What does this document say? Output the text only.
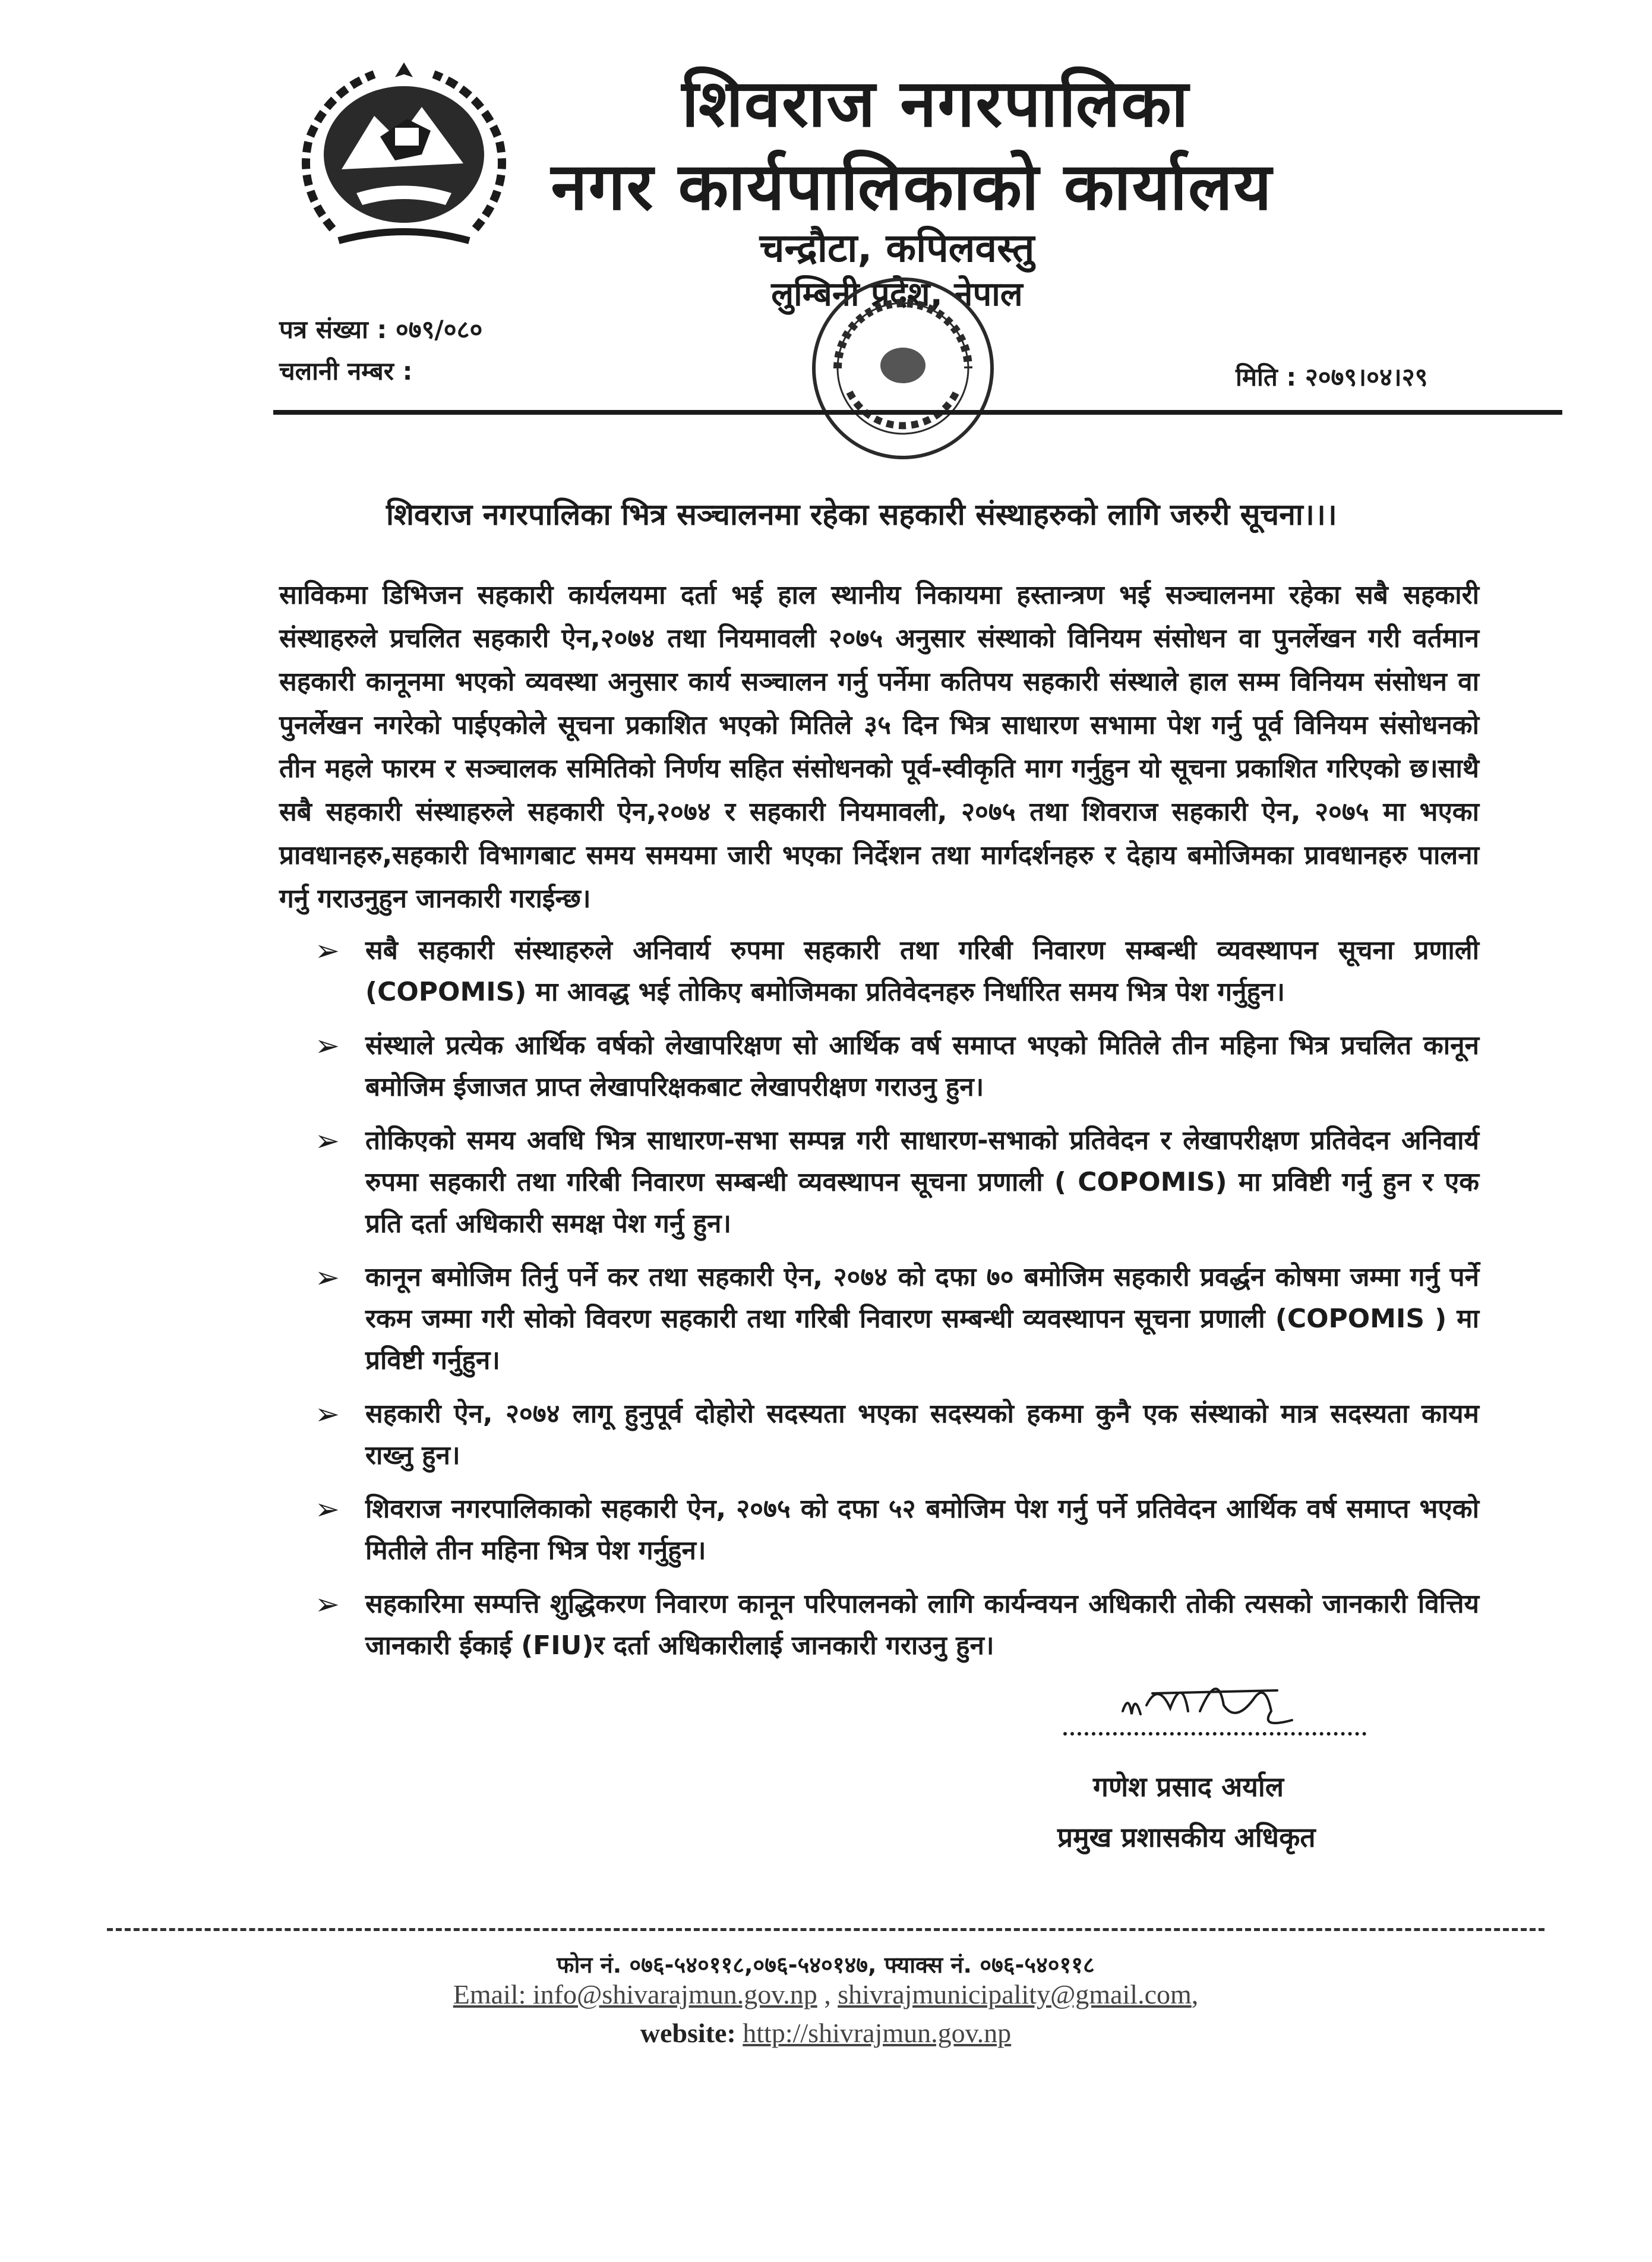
शिवराज नगरपालिका
नगर कार्यपालिकाको कार्यालय
चन्द्रौटा, कपिलवस्तु
लुम्बिनी प्रदेश, नेपाल
पत्र संख्या : ०७९/०८०
चलानी नम्बर :	मिति : २०७९।०४।२९
शिवराज नगरपालिका भित्र सञ्चालनमा रहेका सहकारी संस्थाहरुको लागि जरुरी सूचना।।।
साविकमा डिभिजन सहकारी कार्यलयमा दर्ता भई हाल स्थानीय निकायमा हस्तान्त्रण भई सञ्चालनमा रहेका सबै सहकारी संस्थाहरुले प्रचलित सहकारी ऐन,२०७४ तथा नियमावली २०७५ अनुसार संस्थाको विनियम संसोधन वा पुनर्लेखन गरी वर्तमान सहकारी कानूनमा भएको व्यवस्था अनुसार कार्य सञ्चालन गर्नु पर्नेमा कतिपय सहकारी संस्थाले हाल सम्म विनियम संसोधन वा पुनर्लेखन नगरेको पाईएकोले सूचना प्रकाशित भएको मितिले ३५ दिन भित्र साधारण सभामा पेश गर्नु पूर्व विनियम संसोधनको तीन महले फारम र सञ्चालक समितिको निर्णय सहित संसोधनको पूर्व-स्वीकृति माग गर्नुहुन यो सूचना प्रकाशित गरिएको छ।साथै सबै सहकारी संस्थाहरुले सहकारी ऐन,२०७४ र सहकारी नियमावली, २०७५ तथा शिवराज सहकारी ऐन, २०७५ मा भएका प्रावधानहरु,सहकारी विभागबाट समय समयमा जारी भएका निर्देशन तथा मार्गदर्शनहरु र देहाय बमोजिमका प्रावधानहरु पालना गर्नु गराउनुहुन जानकारी गराईन्छ।
➢ सबै सहकारी संस्थाहरुले अनिवार्य रुपमा सहकारी तथा गरिबी निवारण सम्बन्धी व्यवस्थापन सूचना प्रणाली (COPOMIS) मा आवद्ध भई तोकिए बमोजिमका प्रतिवेदनहरु निर्धारित समय भित्र पेश गर्नुहुन।
➢ संस्थाले प्रत्येक आर्थिक वर्षको लेखापरिक्षण सो आर्थिक वर्ष समाप्त भएको मितिले तीन महिना भित्र प्रचलित कानून बमोजिम ईजाजत प्राप्त लेखापरिक्षकबाट लेखापरीक्षण गराउनु हुन।
➢ तोकिएको समय अवधि भित्र साधारण-सभा सम्पन्न गरी साधारण-सभाको प्रतिवेदन र लेखापरीक्षण प्रतिवेदन अनिवार्य रुपमा सहकारी तथा गरिबी निवारण सम्बन्धी व्यवस्थापन सूचना प्रणाली ( COPOMIS) मा प्रविष्टी गर्नु हुन र एक प्रति दर्ता अधिकारी समक्ष पेश गर्नु हुन।
➢ कानून बमोजिम तिर्नु पर्ने कर तथा सहकारी ऐन, २०७४ को दफा ७० बमोजिम सहकारी प्रवर्द्धन कोषमा जम्मा गर्नु पर्ने रकम जम्मा गरी सोको विवरण सहकारी तथा गरिबी निवारण सम्बन्धी व्यवस्थापन सूचना प्रणाली (COPOMIS ) मा प्रविष्टी गर्नुहुन।
➢ सहकारी ऐन, २०७४ लागू हुनुपूर्व दोहोरो सदस्यता भएका सदस्यको हकमा कुनै एक संस्थाको मात्र सदस्यता कायम राख्नु हुन।
➢ शिवराज नगरपालिकाको सहकारी ऐन, २०७५ को दफा ५२ बमोजिम पेश गर्नु पर्ने प्रतिवेदन आर्थिक वर्ष समाप्त भएको मितीले तीन महिना भित्र पेश गर्नुहुन।
➢ सहकारिमा सम्पत्ति शुद्धिकरण निवारण कानून परिपालनको लागि कार्यन्वयन अधिकारी तोकी त्यसको जानकारी वित्तिय जानकारी ईकाई (FIU)र दर्ता अधिकारीलाई जानकारी गराउनु हुन।
गणेश प्रसाद अर्याल
प्रमुख प्रशासकीय अधिकृत
फोन नं. ०७६-५४०११८,०७६-५४०१४७, फ्याक्स नं. ०७६-५४०११८
Email: info@shivarajmun.gov.np , shivrajmunicipality@gmail.com,
website: http://shivrajmun.gov.np
